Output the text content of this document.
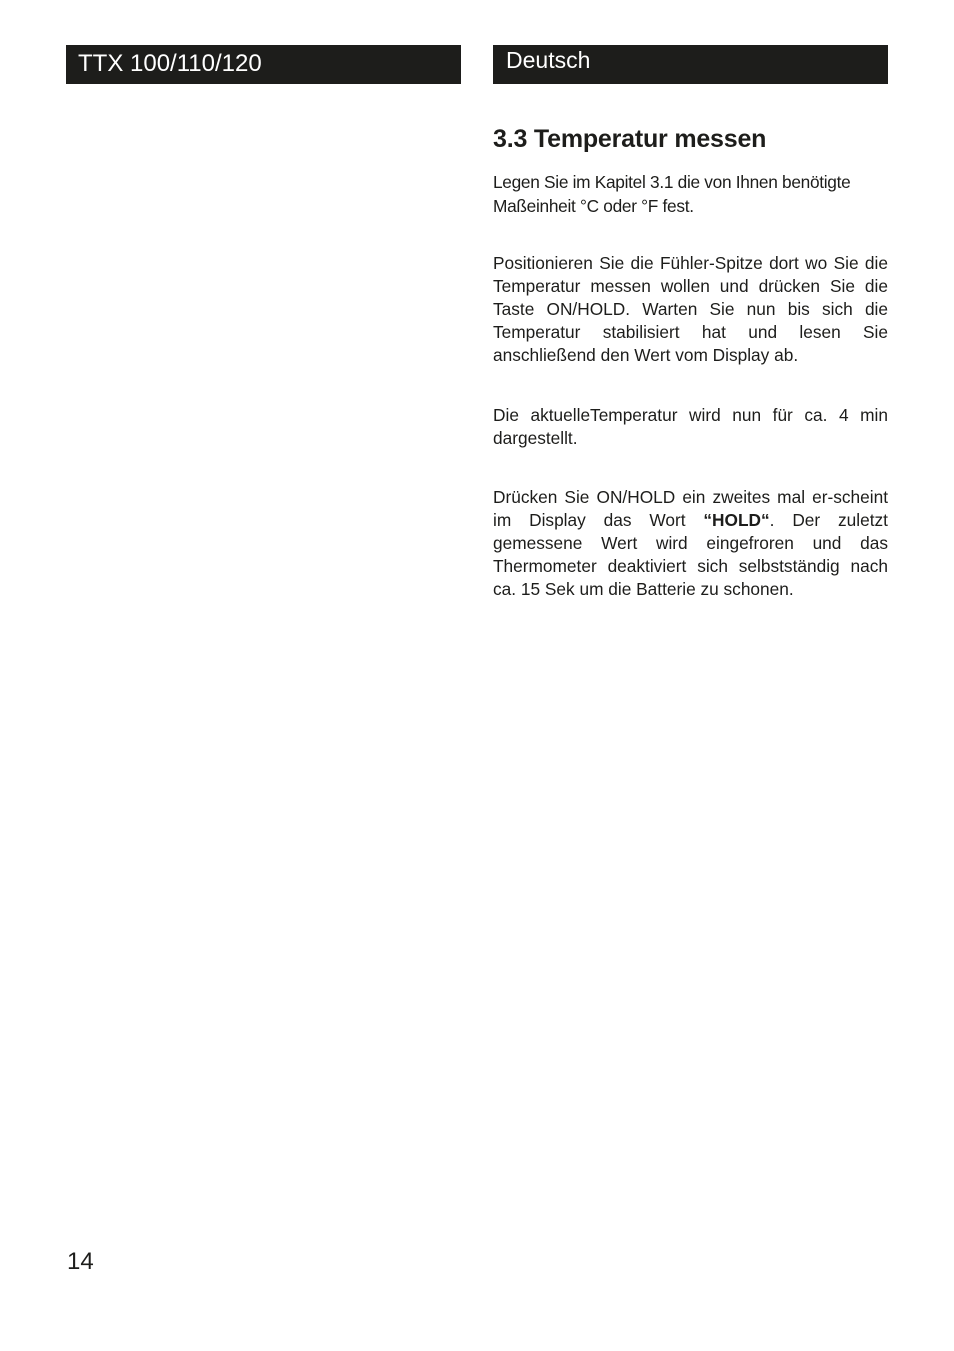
TTX 100/110/120	Deutsch
3.3 Temperatur messen

Legen Sie im Kapitel 3.1 die von Ihnen benötigte Maßeinheit °C oder °F fest.

Positionieren Sie die Fühler-Spitze dort wo Sie die Temperatur messen wollen und drücken Sie die Taste ON/HOLD. Warten Sie nun bis sich die Temperatur stabilisiert hat und lesen Sie anschließend den Wert vom Display ab.

Die aktuelleTemperatur wird nun für ca. 4 min dargestellt.

Drücken Sie ON/HOLD ein zweites mal er-scheint im Display das Wort “HOLD“. Der zuletzt gemessene Wert wird eingefroren und das Thermometer deaktiviert sich selbstständig nach ca. 15 Sek um die Batterie zu schonen.

14
